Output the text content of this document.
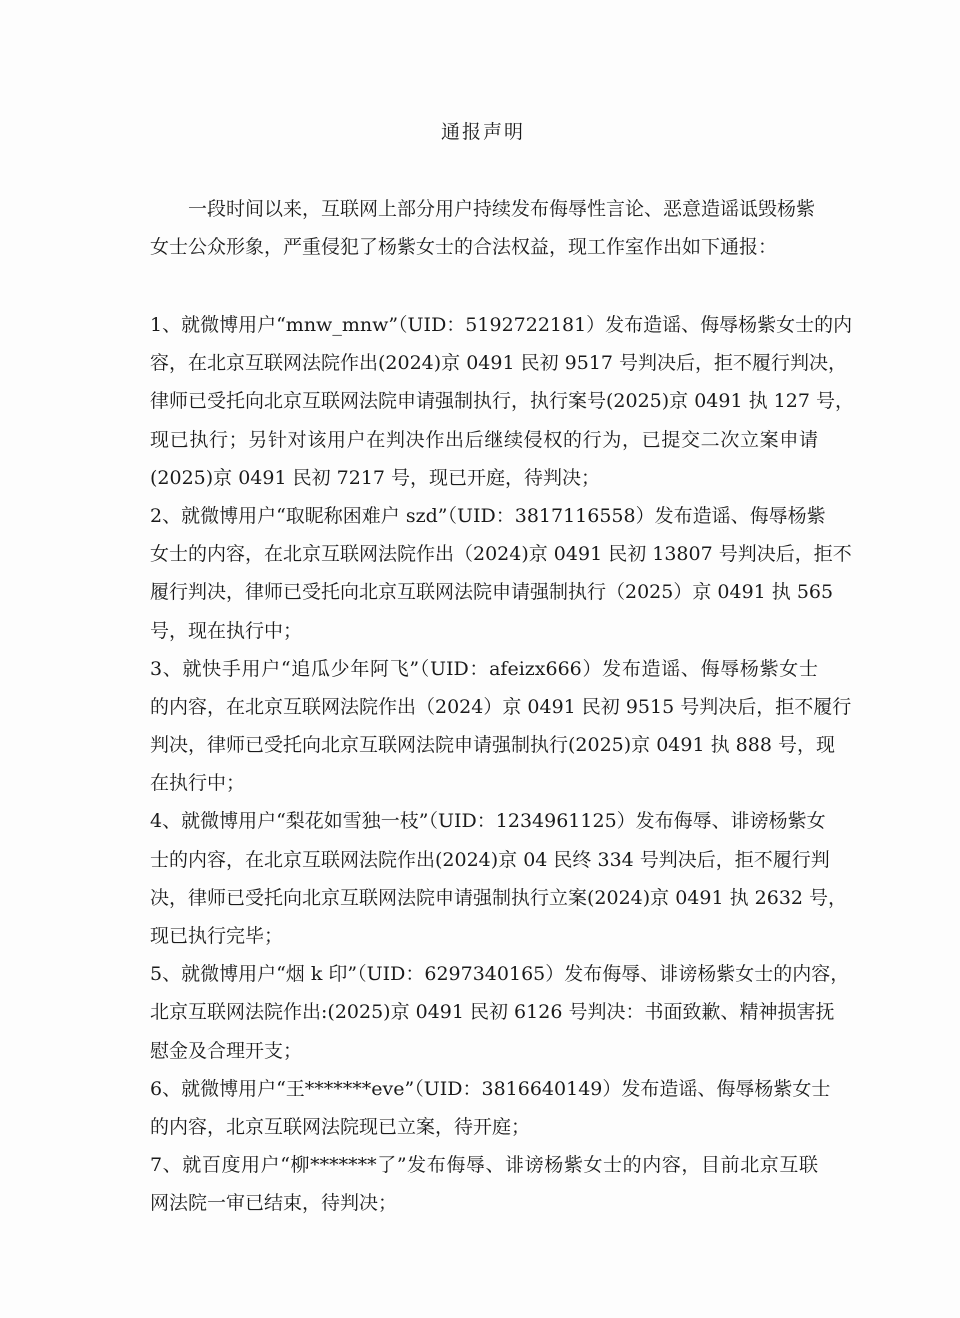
通报声明
一段时间以来，互联网上部分用户持续发布侮辱性言论、恶意造谣诋毁杨紫
女士公众形象，严重侵犯了杨紫女士的合法权益，现工作室作出如下通报：
1、就微博用户“mnw_mnw”（UID：5192722181）发布造谣、侮辱杨紫女士的内
容，在北京互联网法院作出(2024)京 0491 民初 9517 号判决后，拒不履行判决，
律师已受托向北京互联网法院申请强制执行，执行案号(2025)京 0491 执 127 号，
现已执行；另针对该用户在判决作出后继续侵权的行为，已提交二次立案申请
(2025)京 0491 民初 7217 号，现已开庭，待判决；
2、就微博用户“取昵称困难户 szd”（UID：3817116558）发布造谣、侮辱杨紫
女士的内容，在北京互联网法院作出（2024)京 0491 民初 13807 号判决后，拒不
履行判决，律师已受托向北京互联网法院申请强制执行（2025）京 0491 执 565
号，现在执行中；
3、就快手用户“追瓜少年阿飞”（UID：afeizx666）发布造谣、侮辱杨紫女士
的内容，在北京互联网法院作出（2024）京 0491 民初 9515 号判决后，拒不履行
判决，律师已受托向北京互联网法院申请强制执行(2025)京 0491 执 888 号，现
在执行中；
4、就微博用户“梨花如雪独一枝”（UID：1234961125）发布侮辱、诽谤杨紫女
士的内容，在北京互联网法院作出(2024)京 04 民终 334 号判决后，拒不履行判
决，律师已受托向北京互联网法院申请强制执行立案(2024)京 0491 执 2632 号，
现已执行完毕；
5、就微博用户“烟 k 印”（UID：6297340165）发布侮辱、诽谤杨紫女士的内容，
北京互联网法院作出:(2025)京 0491 民初 6126 号判决：书面致歉、精神损害抚
慰金及合理开支；
6、就微博用户“王*******eve”（UID：3816640149）发布造谣、侮辱杨紫女士
的内容，北京互联网法院现已立案，待开庭；
7、就百度用户“柳*******了”发布侮辱、诽谤杨紫女士的内容，目前北京互联
网法院一审已结束，待判决；
